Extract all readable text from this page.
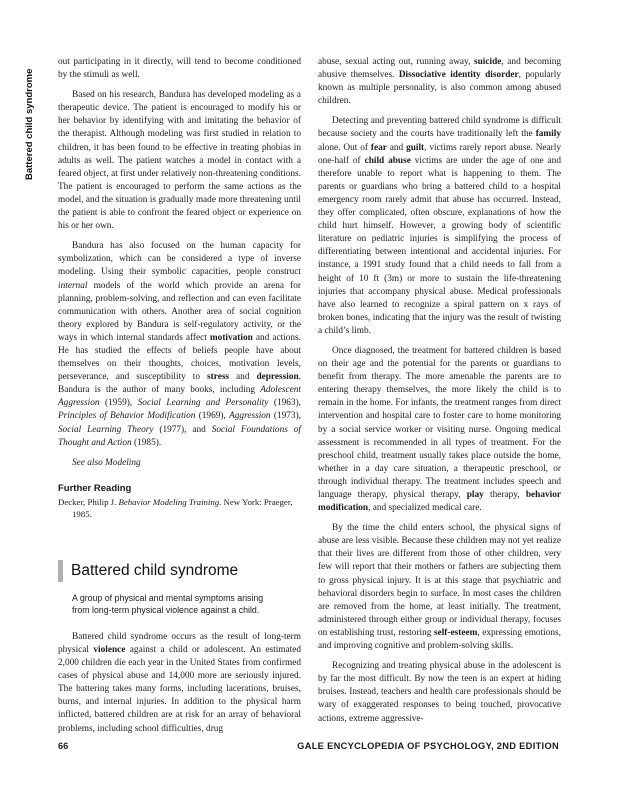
Battered child syndrome

out participating in it directly, will tend to become conditioned by the stimuli as well.

Based on his research, Bandura has developed modeling as a therapeutic device. The patient is encouraged to modify his or her behavior by identifying with and imitating the behavior of the therapist. Although modeling was first studied in relation to children, it has been found to be effective in treating phobias in adults as well. The patient watches a model in contact with a feared object, at first under relatively non-threatening conditions. The patient is encouraged to perform the same actions as the model, and the situation is gradually made more threatening until the patient is able to confront the feared object or experience on his or her own.

Bandura has also focused on the human capacity for symbolization, which can be considered a type of inverse modeling. Using their symbolic capacities, people construct internal models of the world which provide an arena for planning, problem-solving, and reflection and can even facilitate communication with others. Another area of social cognition theory explored by Bandura is self-regulatory activity, or the ways in which internal standards affect motivation and actions. He has studied the effects of beliefs people have about themselves on their thoughts, choices, motivation levels, perseverance, and susceptibility to stress and depression. Bandura is the author of many books, including Adolescent Aggression (1959), Social Learning and Personality (1963), Principles of Behavior Modification (1969), Aggression (1973), Social Learning Theory (1977), and Social Foundations of Thought and Action (1985).

See also Modeling

Further Reading

Decker, Philip J. Behavior Modeling Training. New York: Praeger, 1985.

Battered child syndrome

A group of physical and mental symptoms arising from long-term physical violence against a child.

Battered child syndrome occurs as the result of long-term physical violence against a child or adolescent. An estimated 2,000 children die each year in the United States from confirmed cases of physical abuse and 14,000 more are seriously injured. The battering takes many forms, including lacerations, bruises, burns, and internal injuries. In addition to the physical harm inflicted, battered children are at risk for an array of behavioral problems, including school difficulties, drug

abuse, sexual acting out, running away, suicide, and becoming abusive themselves. Dissociative identity disorder, popularly known as multiple personality, is also common among abused children.

Detecting and preventing battered child syndrome is difficult because society and the courts have traditionally left the family alone. Out of fear and guilt, victims rarely report abuse. Nearly one-half of child abuse victims are under the age of one and therefore unable to report what is happening to them. The parents or guardians who bring a battered child to a hospital emergency room rarely admit that abuse has occurred. Instead, they offer complicated, often obscure, explanations of how the child hurt himself. However, a growing body of scientific literature on pediatric injuries is simplifying the process of differentiating between intentional and accidental injuries. For instance, a 1991 study found that a child needs to fall from a height of 10 ft (3m) or more to sustain the life-threatening injuries that accompany physical abuse. Medical professionals have also learned to recognize a spiral pattern on x rays of broken bones, indicating that the injury was the result of twisting a child’s limb.

Once diagnosed, the treatment for battered children is based on their age and the potential for the parents or guardians to benefit from therapy. The more amenable the parents are to entering therapy themselves, the more likely the child is to remain in the home. For infants, the treatment ranges from direct intervention and hospital care to foster care to home monitoring by a social service worker or visiting nurse. Ongoing medical assessment is recommended in all types of treatment. For the preschool child, treatment usually takes place outside the home, whether in a day care situation, a therapeutic preschool, or through individual therapy. The treatment includes speech and language therapy, physical therapy, play therapy, behavior modification, and specialized medical care.

By the time the child enters school, the physical signs of abuse are less visible. Because these children may not yet realize that their lives are different from those of other children, very few will report that their mothers or fathers are subjecting them to gross physical injury. It is at this stage that psychiatric and behavioral disorders begin to surface. In most cases the children are removed from the home, at least initially. The treatment, administered through either group or individual therapy, focuses on establishing trust, restoring self-esteem, expressing emotions, and improving cognitive and problem-solving skills.

Recognizing and treating physical abuse in the adolescent is by far the most difficult. By now the teen is an expert at hiding bruises. Instead, teachers and health care professionals should be wary of exaggerated responses to being touched, provocative actions, extreme aggressive-

66	GALE ENCYCLOPEDIA OF PSYCHOLOGY, 2ND EDITION
